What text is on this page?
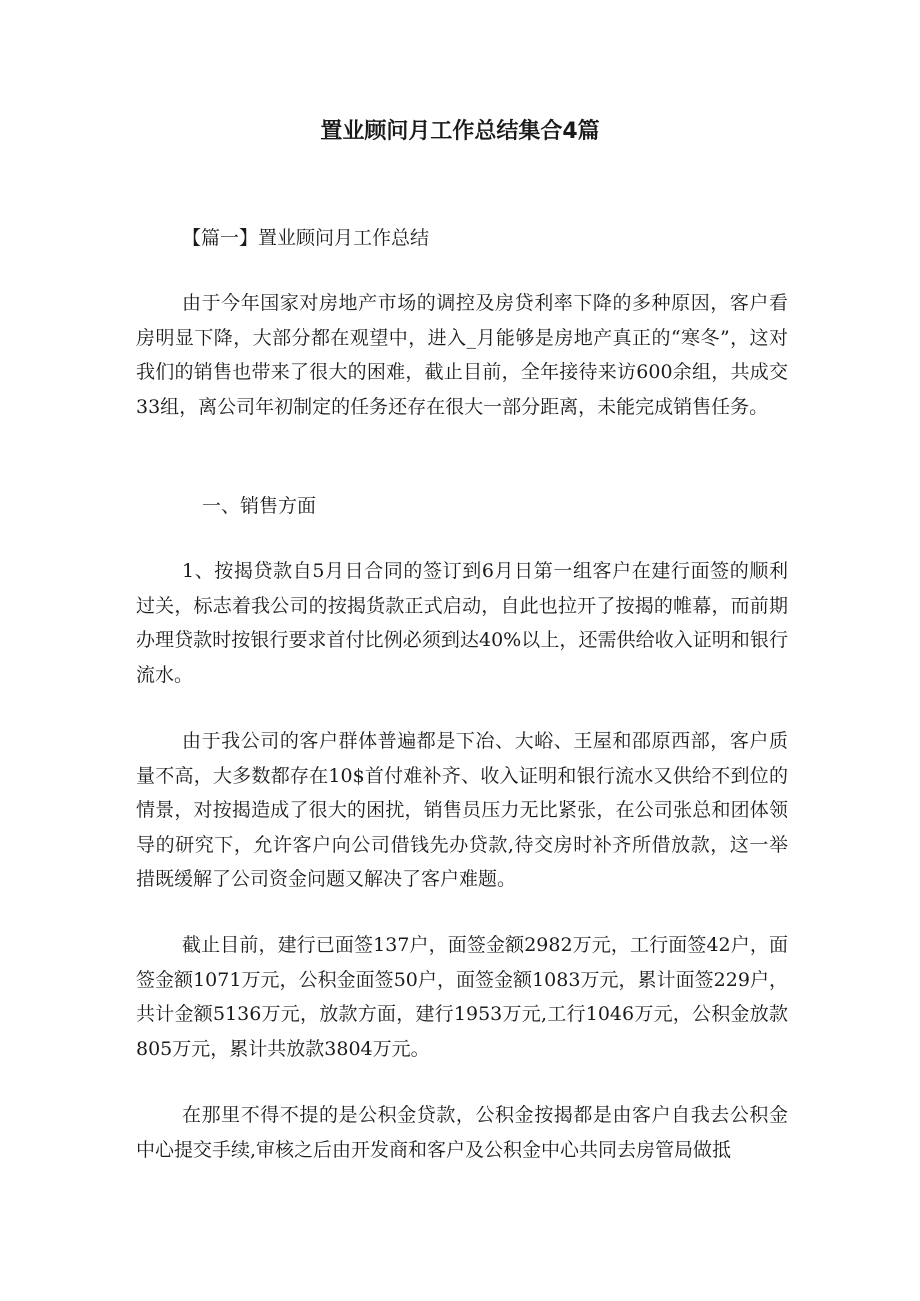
置业顾问月工作总结集合4篇
【篇一】置业顾问月工作总结

由于今年国家对房地产市场的调控及房贷利率下降的多种原因，客户看房明显下降，大部分都在观望中，进入_月能够是房地产真正的“寒冬”，这对我们的销售也带来了很大的困难，截止目前，全年接待来访600余组，共成交33组，离公司年初制定的任务还存在很大一部分距离，未能完成销售任务。

一、销售方面

1、按揭贷款自5月日合同的签订到6月日第一组客户在建行面签的顺利过关，标志着我公司的按揭货款正式启动，自此也拉开了按揭的帷幕，而前期办理贷款时按银行要求首付比例必须到达40%以上，还需供给收入证明和银行流水。

由于我公司的客户群体普遍都是下冶、大峪、王屋和邵原西部，客户质量不高，大多数都存在10$首付难补齐、收入证明和银行流水又供给不到位的情景，对按揭造成了很大的困扰，销售员压力无比紧张，在公司张总和团体领导的研究下，允许客户向公司借钱先办贷款,待交房时补齐所借放款，这一举措既缓解了公司资金问题又解决了客户难题。

截止目前，建行已面签137户，面签金额2982万元，工行面签42户，面签金额1071万元，公积金面签50户，面签金额1083万元，累计面签229户，共计金额5136万元，放款方面，建行1953万元,工行1046万元，公积金放款805万元，累计共放款3804万元。

在那里不得不提的是公积金贷款，公积金按揭都是由客户自我去公积金中心提交手续,审核之后由开发商和客户及公积金中心共同去房管局做抵
